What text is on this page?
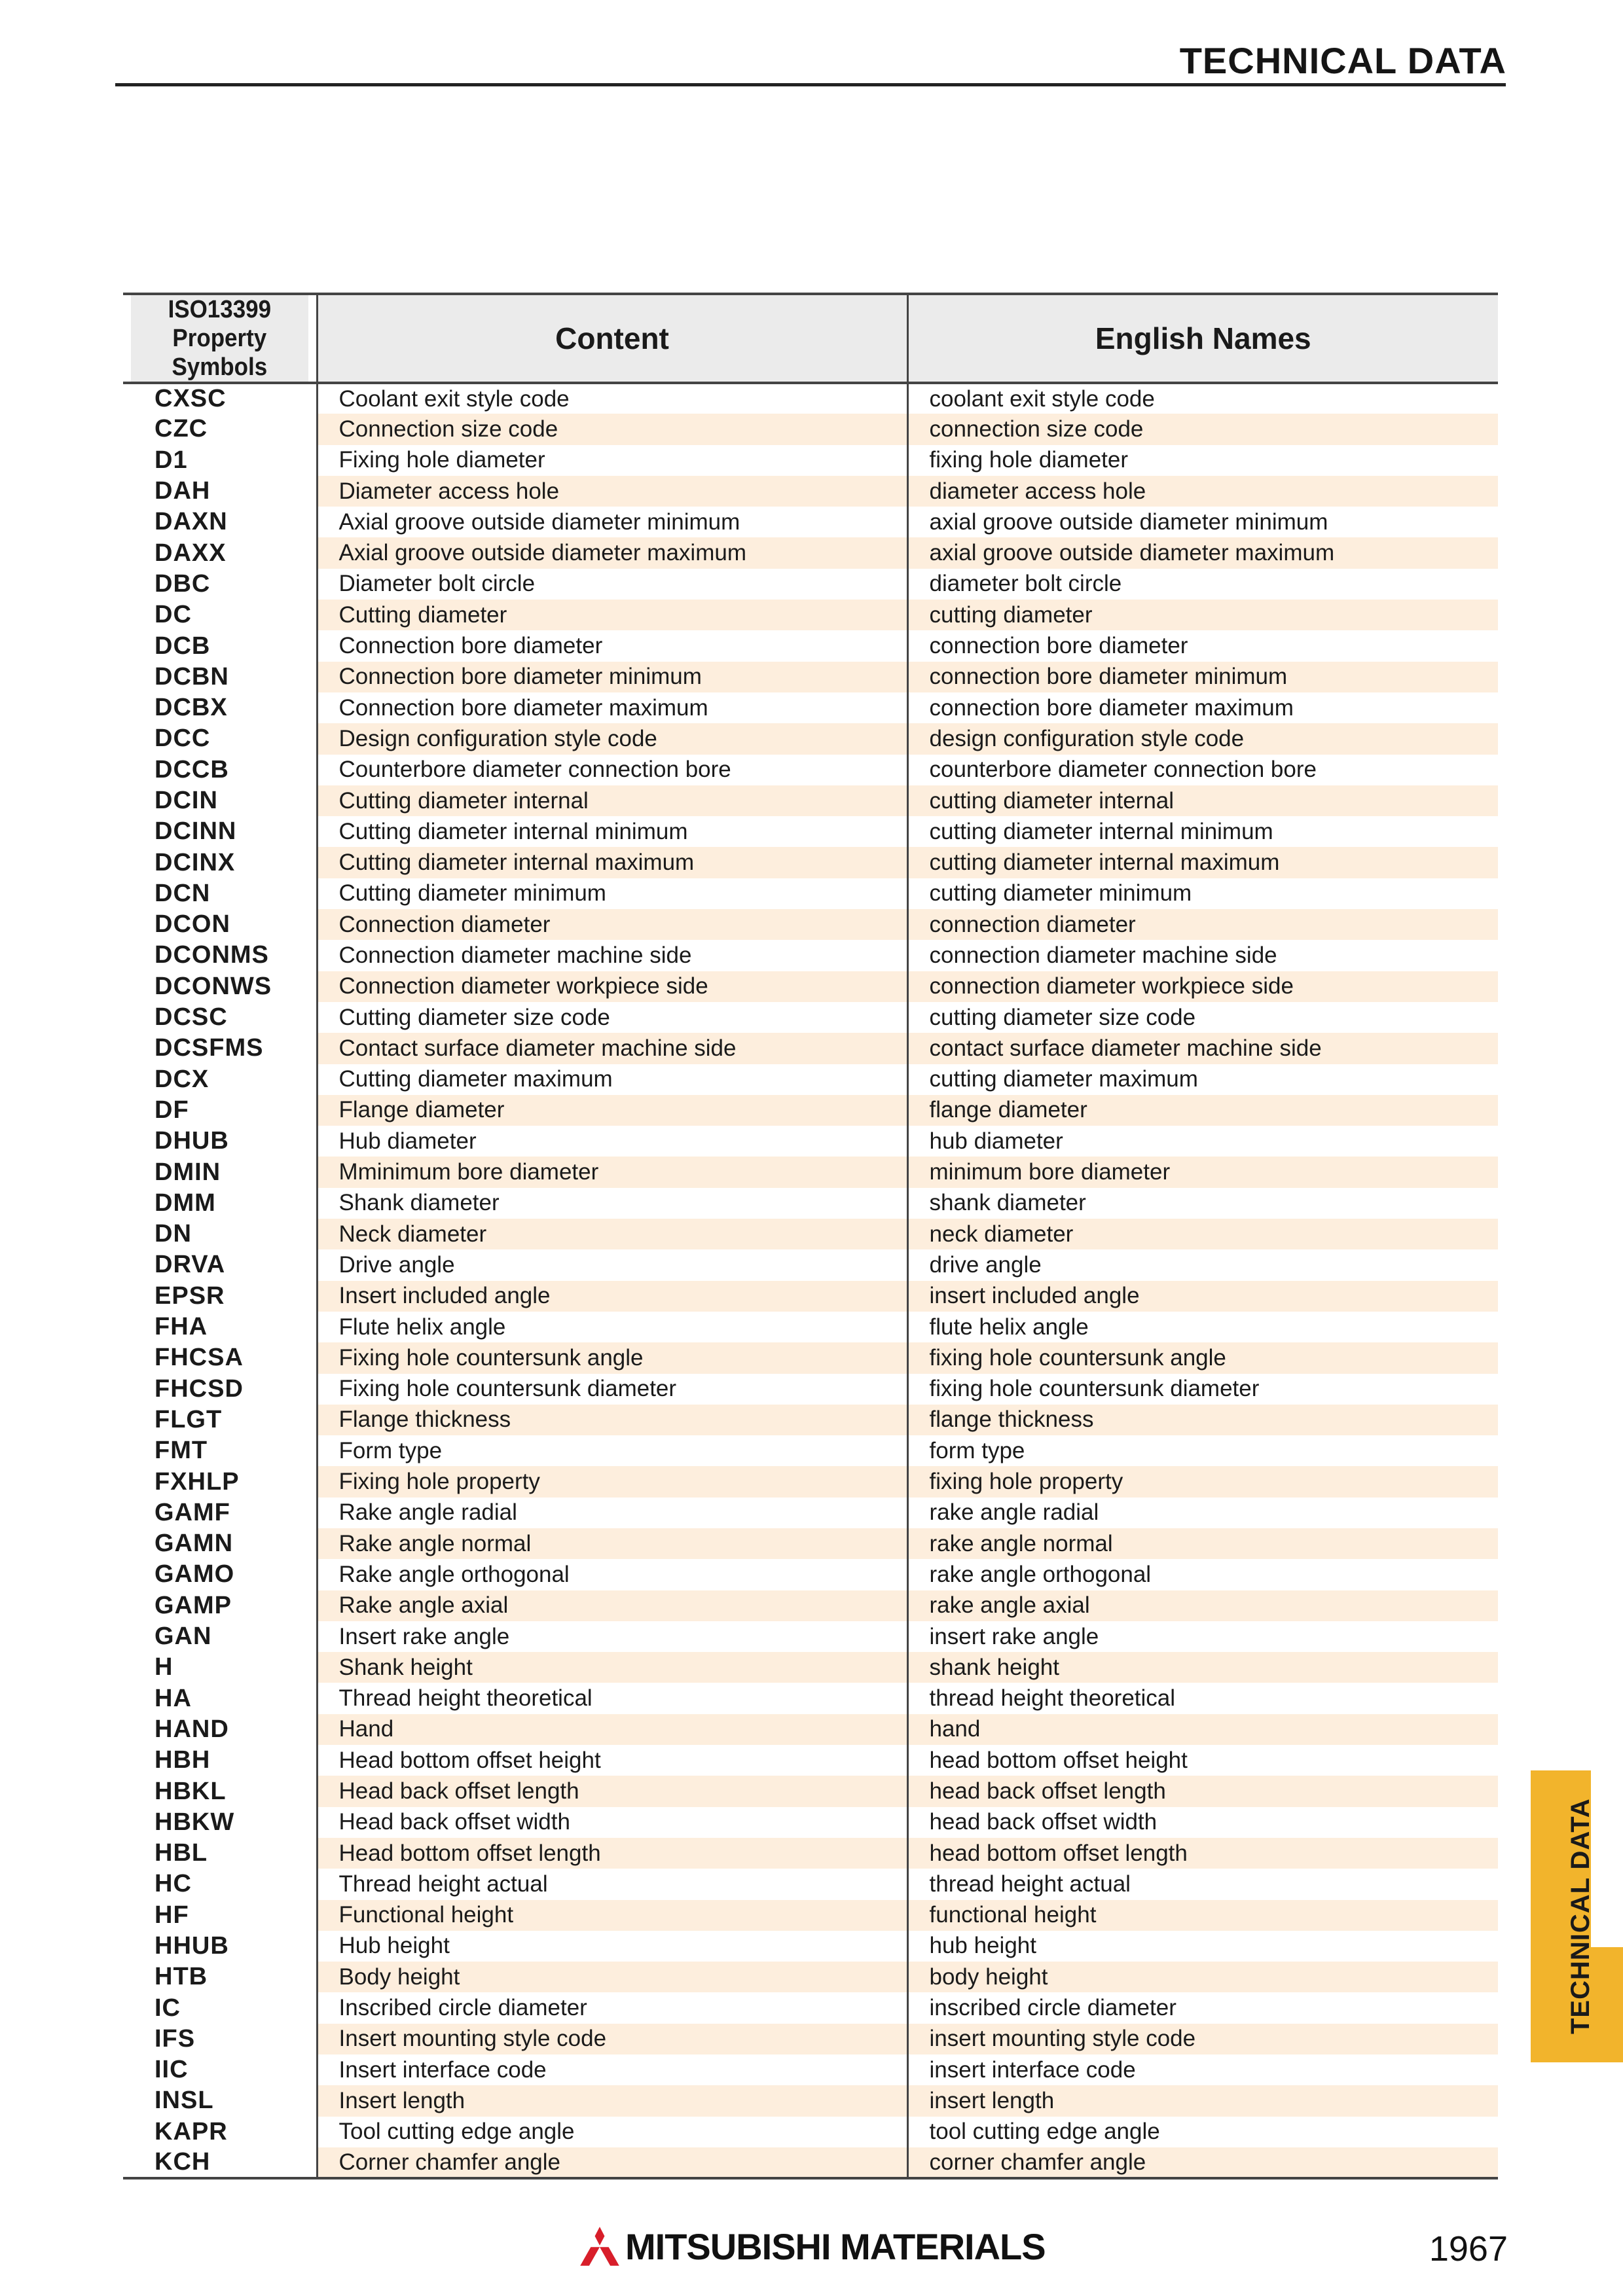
TECHNICAL DATA
ISO13399
Property Symbols	Content	English Names
CXSC	Coolant exit style code	coolant exit style code
CZC	Connection size code	connection size code
D1	Fixing hole diameter	fixing hole diameter
DAH	Diameter access hole	diameter access hole
DAXN	Axial groove outside diameter minimum	axial groove outside diameter minimum
DAXX	Axial groove outside diameter maximum	axial groove outside diameter maximum
DBC	Diameter bolt circle	diameter bolt circle
DC	Cutting diameter	cutting diameter
DCB	Connection bore diameter	connection bore diameter
DCBN	Connection bore diameter minimum	connection bore diameter minimum
DCBX	Connection bore diameter maximum	connection bore diameter maximum
DCC	Design configuration style code	design configuration style code
DCCB	Counterbore diameter connection bore	counterbore diameter connection bore
DCIN	Cutting diameter internal	cutting diameter internal
DCINN	Cutting diameter internal minimum	cutting diameter internal minimum
DCINX	Cutting diameter internal maximum	cutting diameter internal maximum
DCN	Cutting diameter minimum	cutting diameter minimum
DCON	Connection diameter	connection diameter
DCONMS	Connection diameter machine side	connection diameter machine side
DCONWS	Connection diameter workpiece side	connection diameter workpiece side
DCSC	Cutting diameter size code	cutting diameter size code
DCSFMS	Contact surface diameter machine side	contact surface diameter machine side
DCX	Cutting diameter maximum	cutting diameter maximum
DF	Flange diameter	flange diameter
DHUB	Hub diameter	hub diameter
DMIN	Mminimum bore diameter	minimum bore diameter
DMM	Shank diameter	shank diameter
DN	Neck diameter	neck diameter
DRVA	Drive angle	drive angle
EPSR	Insert included angle	insert included angle
FHA	Flute helix angle	flute helix angle
FHCSA	Fixing hole countersunk angle	fixing hole countersunk angle
FHCSD	Fixing hole countersunk diameter	fixing hole countersunk diameter
FLGT	Flange thickness	flange thickness
FMT	Form type	form type
FXHLP	Fixing hole property	fixing hole property
GAMF	Rake angle radial	rake angle radial
GAMN	Rake angle normal	rake angle normal
GAMO	Rake angle orthogonal	rake angle orthogonal
GAMP	Rake angle axial	rake angle axial
GAN	Insert rake angle	insert rake angle
H	Shank height	shank height
HA	Thread height theoretical	thread height theoretical
HAND	Hand	hand
HBH	Head bottom offset height	head bottom offset height
HBKL	Head back offset length	head back offset length
HBKW	Head back offset width	head back offset width
HBL	Head bottom offset length	head bottom offset length
HC	Thread height actual	thread height actual
HF	Functional height	functional height
HHUB	Hub height	hub height
HTB	Body height	body height
IC	Inscribed circle diameter	inscribed circle diameter
IFS	Insert mounting style code	insert mounting style code
IIC	Insert interface code	insert interface code
INSL	Insert length	insert length
KAPR	Tool cutting edge angle	tool cutting edge angle
KCH	Corner chamfer angle	corner chamfer angle
TECHNICAL DATA
MITSUBISHI MATERIALS	1967
